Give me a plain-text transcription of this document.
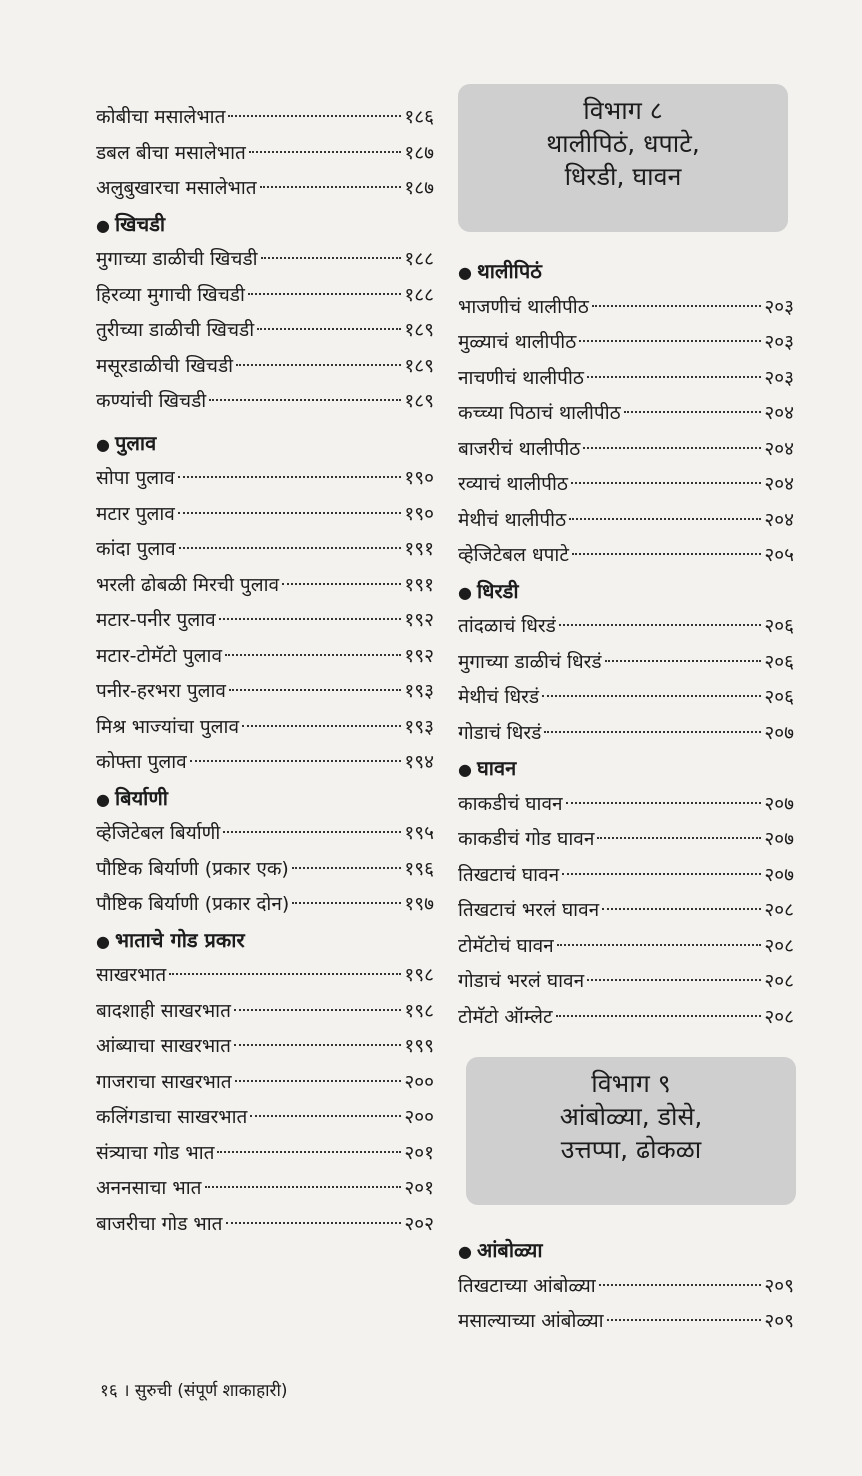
कोबीचा मसालेभात	१८६
डबल बीचा मसालेभात	१८७
अलुबुखारचा मसालेभात	१८७
● खिचडी
मुगाच्या डाळीची खिचडी	१८८
हिरव्या मुगाची खिचडी	१८८
तुरीच्या डाळीची खिचडी	१८९
मसूरडाळीची खिचडी	१८९
कण्यांची खिचडी	१८९
● पुलाव
सोपा पुलाव	१९०
मटार पुलाव	१९०
कांदा पुलाव	१९१
भरली ढोबळी मिरची पुलाव	१९१
मटार-पनीर पुलाव	१९२
मटार-टोमॅटो पुलाव	१९२
पनीर-हरभरा पुलाव	१९३
मिश्र भाज्यांचा पुलाव	१९३
कोफ्ता पुलाव	१९४
● बिर्याणी
व्हेजिटेबल बिर्याणी	१९५
पौष्टिक बिर्याणी (प्रकार एक)	१९६
पौष्टिक बिर्याणी (प्रकार दोन)	१९७
● भाताचे गोड प्रकार
साखरभात	१९८
बादशाही साखरभात	१९८
आंब्याचा साखरभात	१९९
गाजराचा साखरभात	२००
कलिंगडाचा साखरभात	२००
संत्र्याचा गोड भात	२०१
अननसाचा भात	२०१
बाजरीचा गोड भात	२०२
विभाग ८
थालीपिठं, धपाटे,
धिरडी, घावन
● थालीपिठं
भाजणीचं थालीपीठ	२०३
मुळ्याचं थालीपीठ	२०३
नाचणीचं थालीपीठ	२०३
कच्च्या पिठाचं थालीपीठ	२०४
बाजरीचं थालीपीठ	२०४
रव्याचं थालीपीठ	२०४
मेथीचं थालीपीठ	२०४
व्हेजिटेबल धपाटे	२०५
● धिरडी
तांदळाचं धिरडं	२०६
मुगाच्या डाळीचं धिरडं	२०६
मेथीचं धिरडं	२०६
गोडाचं धिरडं	२०७
● घावन
काकडीचं घावन	२०७
काकडीचं गोड घावन	२०७
तिखटाचं घावन	२०७
तिखटाचं भरलं घावन	२०८
टोमॅटोचं घावन	२०८
गोडाचं भरलं घावन	२०८
टोमॅटो ऑम्लेट	२०८
विभाग ९
आंबोळ्या, डोसे,
उत्तप्पा, ढोकळा
● आंबोळ्या
तिखटाच्या आंबोळ्या	२०९
मसाल्याच्या आंबोळ्या	२०९
१६ । सुरुची (संपूर्ण शाकाहारी)
